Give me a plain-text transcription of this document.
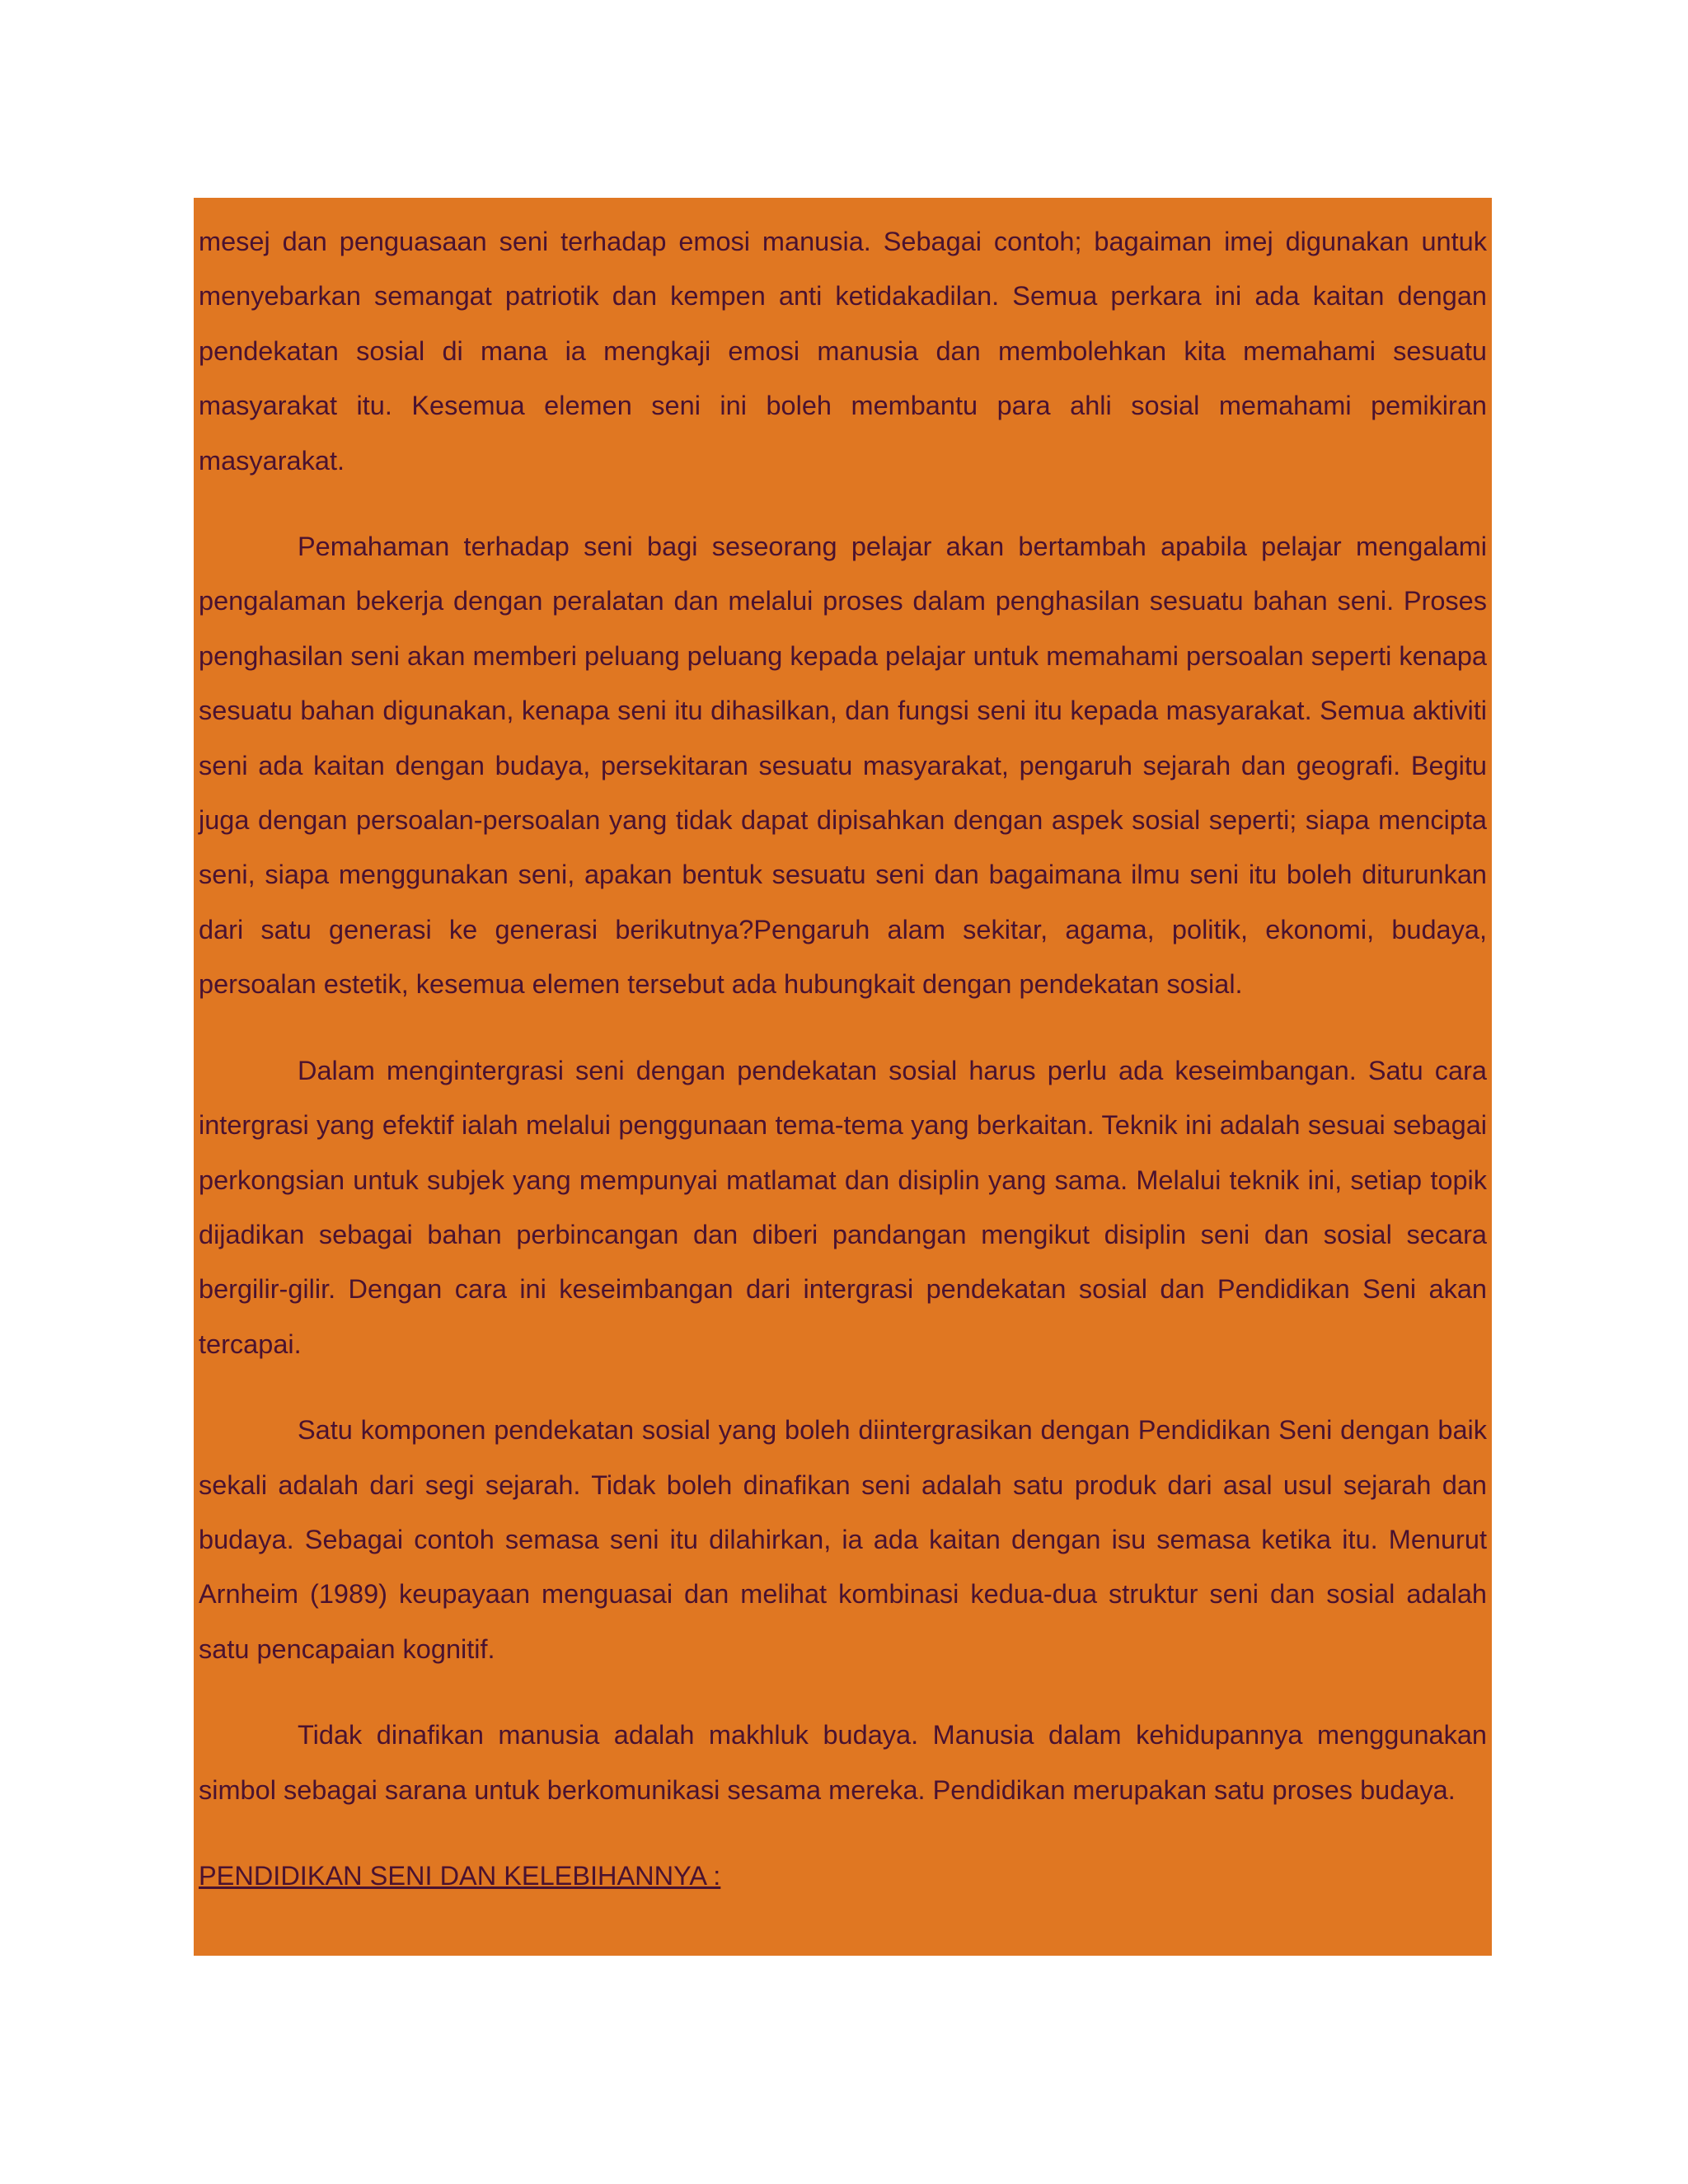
mesej dan penguasaan seni terhadap emosi manusia. Sebagai contoh; bagaiman imej digunakan untuk menyebarkan semangat patriotik dan kempen anti ketidakadilan. Semua perkara ini ada kaitan dengan pendekatan sosial di mana ia mengkaji emosi manusia dan membolehkan kita memahami sesuatu masyarakat itu. Kesemua elemen seni ini boleh membantu para ahli sosial memahami pemikiran masyarakat.

Pemahaman terhadap seni bagi seseorang pelajar akan bertambah apabila pelajar mengalami pengalaman bekerja dengan peralatan dan melalui proses dalam penghasilan sesuatu bahan seni. Proses penghasilan seni akan memberi peluang peluang kepada pelajar untuk memahami persoalan seperti kenapa sesuatu bahan digunakan, kenapa seni itu dihasilkan, dan fungsi seni itu kepada masyarakat. Semua aktiviti seni ada kaitan dengan budaya, persekitaran sesuatu masyarakat, pengaruh sejarah dan geografi. Begitu juga dengan persoalan-persoalan yang tidak dapat dipisahkan dengan aspek sosial seperti; siapa mencipta seni, siapa menggunakan seni, apakan bentuk sesuatu seni dan bagaimana ilmu seni itu boleh diturunkan dari satu generasi ke generasi berikutnya?Pengaruh alam sekitar, agama, politik, ekonomi, budaya, persoalan estetik, kesemua elemen tersebut ada hubungkait dengan pendekatan sosial.

Dalam mengintergrasi seni dengan pendekatan sosial harus perlu ada keseimbangan. Satu cara intergrasi yang efektif ialah melalui penggunaan tema-tema yang berkaitan. Teknik ini adalah sesuai sebagai perkongsian untuk subjek yang mempunyai matlamat dan disiplin yang sama. Melalui teknik ini, setiap topik dijadikan sebagai bahan perbincangan dan diberi pandangan mengikut disiplin seni dan sosial secara bergilir-gilir. Dengan cara ini keseimbangan dari intergrasi pendekatan sosial dan Pendidikan Seni akan tercapai.

Satu komponen pendekatan sosial yang boleh diintergrasikan dengan Pendidikan Seni dengan baik sekali adalah dari segi sejarah. Tidak boleh dinafikan seni adalah satu produk dari asal usul sejarah dan budaya. Sebagai contoh semasa seni itu dilahirkan, ia ada kaitan dengan isu semasa ketika itu. Menurut Arnheim (1989) keupayaan menguasai dan melihat kombinasi kedua-dua struktur seni dan sosial adalah satu pencapaian kognitif.

Tidak dinafikan manusia adalah makhluk budaya. Manusia dalam kehidupannya menggunakan simbol sebagai sarana untuk berkomunikasi sesama mereka. Pendidikan merupakan satu proses budaya.

PENDIDIKAN SENI DAN KELEBIHANNYA :
